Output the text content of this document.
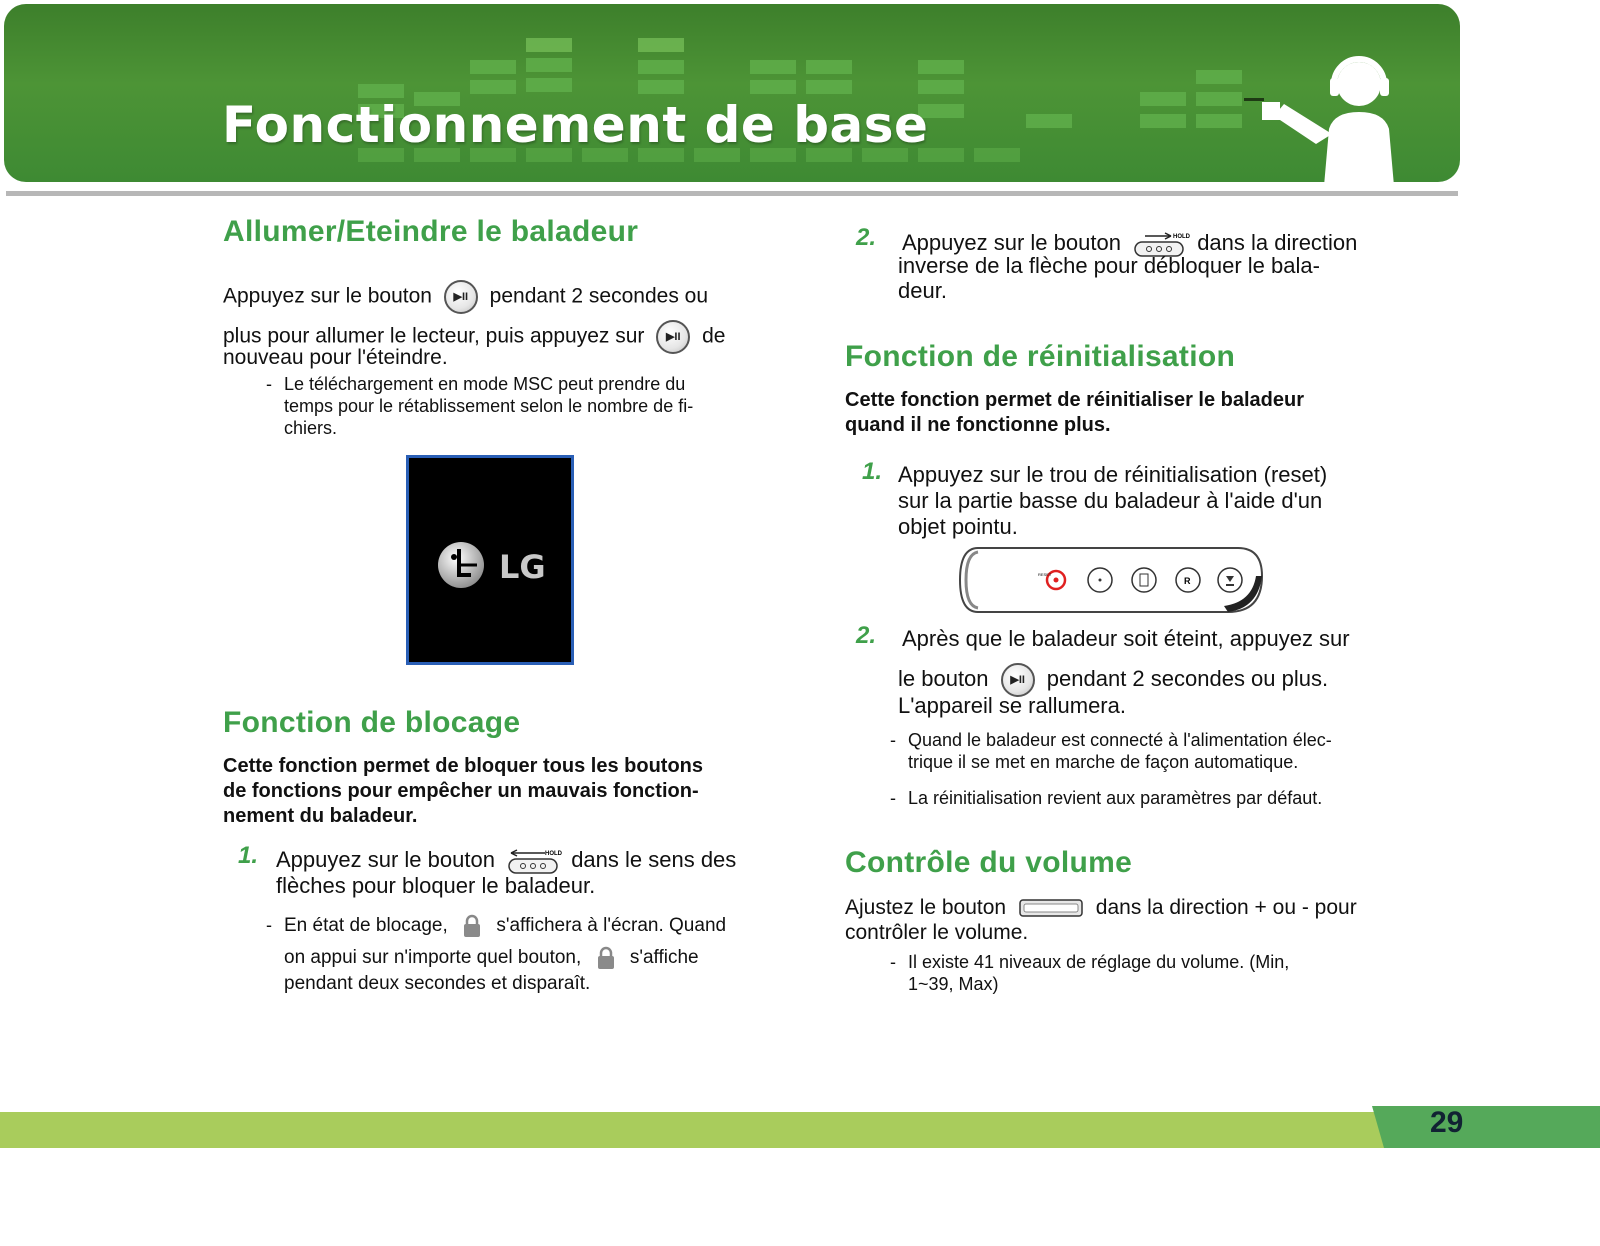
Fonctionnement de base
Allumer/Eteindre le baladeur
Appuyez sur le bouton ▶II pendant 2 secondes ou
plus pour allumer le lecteur, puis appuyez sur ▶II de
nouveau pour l'éteindre.
- Le téléchargement en mode MSC peut prendre du
temps pour le rétablissement selon le nombre de fi-
chiers.
LG
Fonction de blocage
Cette fonction permet de bloquer tous les boutons
de fonctions pour empêcher un mauvais fonction-
nement du baladeur.
1. Appuyez sur le bouton	HOLD dans le sens des
flèches pour bloquer le baladeur.
- En état de blocage,	s'affichera à l'écran. Quand
on appui sur n'importe quel bouton,	s'affiche
pendant deux secondes et disparaît.
2. Appuyez sur le bouton	HOLD dans la direction
inverse de la flèche pour débloquer le bala-
deur.
Fonction de réinitialisation
Cette fonction permet de réinitialiser le baladeur
quand il ne fonctionne plus.
1. Appuyez sur le trou de réinitialisation (reset)
sur la partie basse du baladeur à l'aide d'un
objet pointu.
RESET
R
2. Après que le baladeur soit éteint, appuyez sur
le bouton ▶II pendant 2 secondes ou plus.
L'appareil se rallumera.
- Quand le baladeur est connecté à l'alimentation élec-
trique il se met en marche de façon automatique.
- La réinitialisation revient aux paramètres par défaut.
Contrôle du volume
Ajustez le bouton	dans la direction + ou - pour
contrôler le volume.
- Il existe 41 niveaux de réglage du volume. (Min,
1~39, Max)
29
